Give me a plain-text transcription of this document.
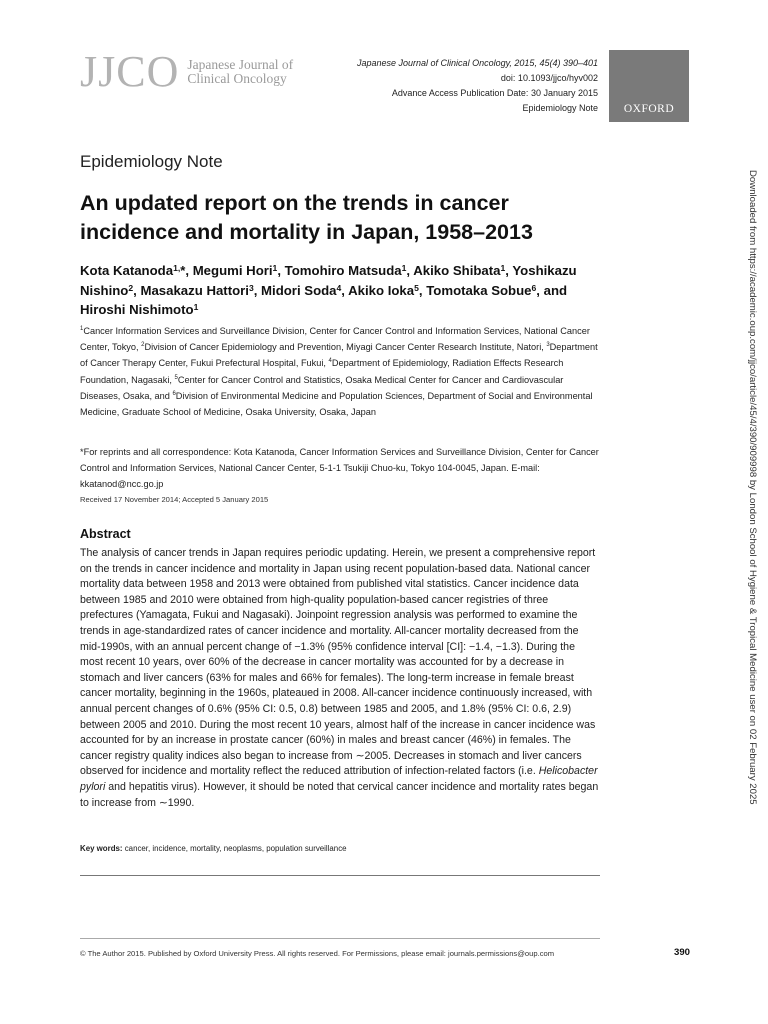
JJCO Japanese Journal of
Clinical Oncology
Japanese Journal of Clinical Oncology, 2015, 45(4) 390–401
doi: 10.1093/jjco/hyv002
Advance Access Publication Date: 30 January 2015
Epidemiology Note OXFORD
Downloaded from https://academic.oup.com/jjco/article/45/4/390/909998 by London School of Hygiene & Tropical Medicine user on 02 February 2025
Epidemiology Note
An updated report on the trends in cancer incidence and mortality in Japan, 1958–2013
Kota Katanoda$^{1,}$*, Megumi Hori$^1$, Tomohiro Matsuda$^1$, Akiko Shibata$^1$, Yoshikazu Nishino$^2$, Masakazu Hattori$^3$, Midori Soda$^4$, Akiko Ioka$^5$, Tomotaka Sobue$^6$, and Hiroshi Nishimoto$^1$
$^1$Cancer Information Services and Surveillance Division, Center for Cancer Control and Information Services, National Cancer Center, Tokyo, $^2$Division of Cancer Epidemiology and Prevention, Miyagi Cancer Center Research Institute, Natori, $^3$Department of Cancer Therapy Center, Fukui Prefectural Hospital, Fukui, $^4$Department of Epidemiology, Radiation Effects Research Foundation, Nagasaki, $^5$Center for Cancer Control and Statistics, Osaka Medical Center for Cancer and Cardiovascular Diseases, Osaka, and $^6$Division of Environmental Medicine and Population Sciences, Department of Social and Environmental Medicine, Graduate School of Medicine, Osaka University, Osaka, Japan
*For reprints and all correspondence: Kota Katanoda, Cancer Information Services and Surveillance Division, Center for Cancer Control and Information Services, National Cancer Center, 5-1-1 Tsukiji Chuo-ku, Tokyo 104-0045, Japan. E-mail: kkatanod@ncc.go.jp
Received 17 November 2014; Accepted 5 January 2015
Abstract

The analysis of cancer trends in Japan requires periodic updating. Herein, we present a comprehensive report on the trends in cancer incidence and mortality in Japan using recent population-based data. National cancer mortality data between 1958 and 2013 were obtained from published vital statistics. Cancer incidence data between 1985 and 2010 were obtained from high-quality population-based cancer registries of three prefectures (Yamagata, Fukui and Nagasaki). Joinpoint regression analysis was performed to examine the trends in age-standardized rates of cancer incidence and mortality. All-cancer mortality decreased from the mid-1990s, with an annual percent change of −1.3% (95% confidence interval [CI]: −1.4, −1.3). During the most recent 10 years, over 60% of the decrease in cancer mortality was accounted for by a decrease in stomach and liver cancers (63% for males and 66% for females). The long-term increase in female breast cancer mortality, beginning in the 1960s, plateaued in 2008. All-cancer incidence continuously increased, with annual percent changes of 0.6% (95% CI: 0.5, 0.8) between 1985 and 2005, and 1.8% (95% CI: 0.6, 2.9) between 2005 and 2010. During the most recent 10 years, almost half of the increase in cancer incidence was accounted for by an increase in prostate cancer (60%) in males and breast cancer (46%) in females. The cancer registry quality indices also began to increase from ∼2005. Decreases in stomach and liver cancers observed for incidence and mortality reflect the reduced attribution of infection-related factors (i.e. Helicobacter pylori and hepatitis virus). However, it should be noted that cervical cancer incidence and mortality rates began to increase from ∼1990.

Key words: cancer, incidence, mortality, neoplasms, population surveillance
© The Author 2015. Published by Oxford University Press. All rights reserved. For Permissions, please email: journals.permissions@oup.com	390
